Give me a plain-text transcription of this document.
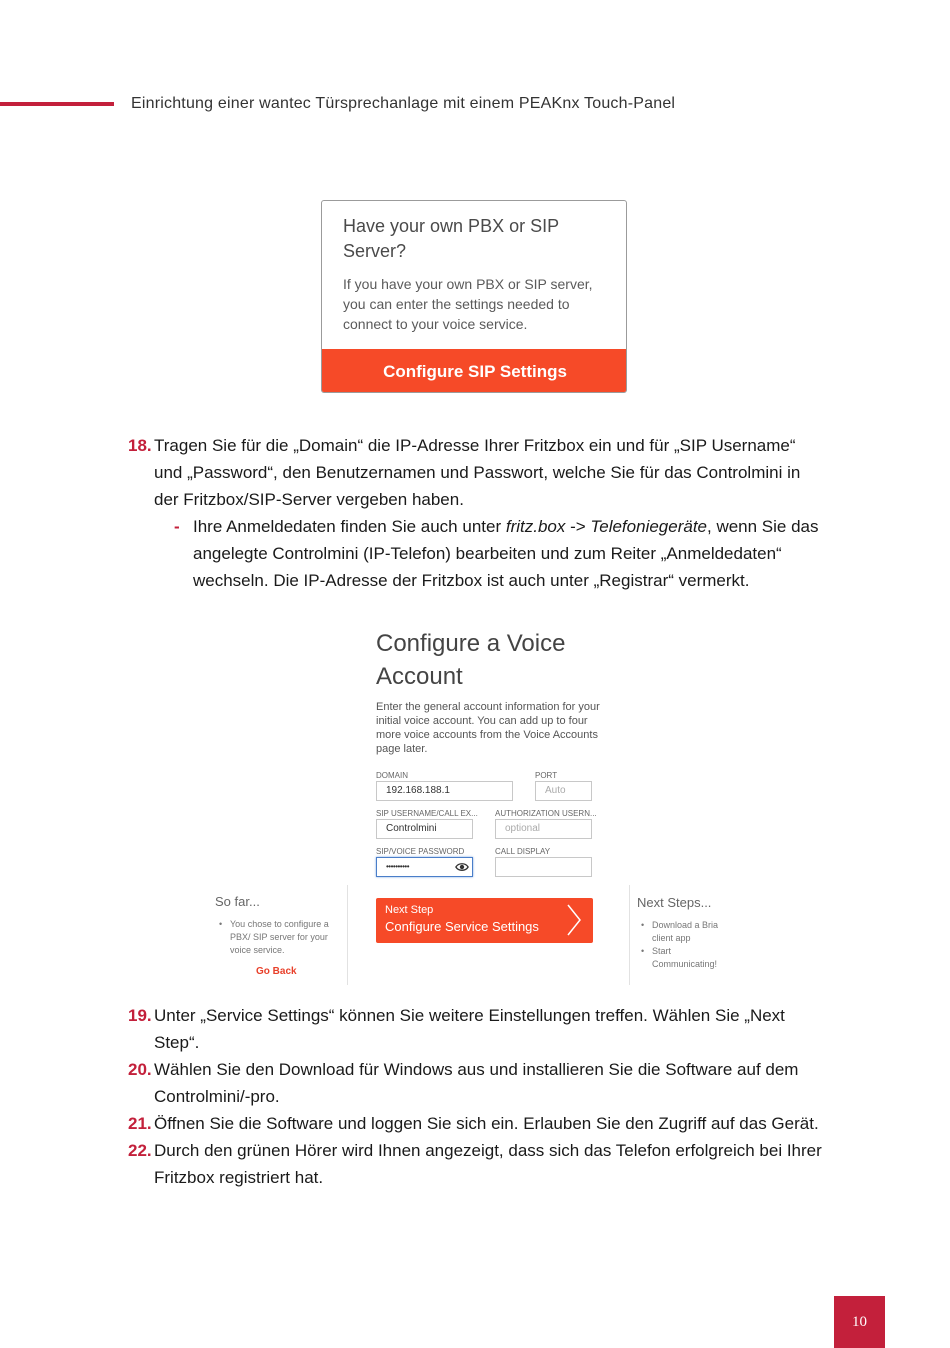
Einrichtung einer wantec Türsprechanlage mit einem PEAKnx Touch-Panel
Have your own PBX or SIP Server?
If you have your own PBX or SIP server, you can enter the settings needed to connect to your voice service.
Configure SIP Settings
18. Tragen Sie für die „Domain“ die IP-Adresse Ihrer Fritzbox ein und für „SIP Username“ und „Password“, den Benutzernamen und Passwort, welche Sie für das Controlmini in der Fritzbox/SIP-Server vergeben haben.
- Ihre Anmeldedaten finden Sie auch unter fritz.box -> Telefoniegeräte, wenn Sie das angelegte Controlmini (IP-Telefon) bearbeiten und zum Reiter „Anmeldedaten“ wechseln. Die IP-Adresse der Fritzbox ist auch unter „Registrar“ vermerkt.
Configure a Voice Account
Enter the general account information for your initial voice account. You can add up to four more voice accounts from the Voice Accounts page later.
DOMAIN
192.168.188.1
PORT
Auto
SIP USERNAME/CALL EX...
Controlmini
AUTHORIZATION USERN...
optional
SIP/VOICE PASSWORD
••••••••••
CALL DISPLAY
Next Step
Configure Service Settings
So far...
• You chose to configure a PBX/ SIP server for your voice service.
Go Back
Next Steps...
• Download a Bria client app
• Start Communicating!
19. Unter „Service Settings“ können Sie weitere Einstellungen treffen. Wählen Sie „Next Step“.
20. Wählen Sie den Download für Windows aus und installieren Sie die Software auf dem Controlmini/-pro.
21. Öffnen Sie die Software und loggen Sie sich ein. Erlauben Sie den Zugriff auf das Gerät.
22. Durch den grünen Hörer wird Ihnen angezeigt, dass sich das Telefon erfolgreich bei Ihrer Fritzbox registriert hat.
10
